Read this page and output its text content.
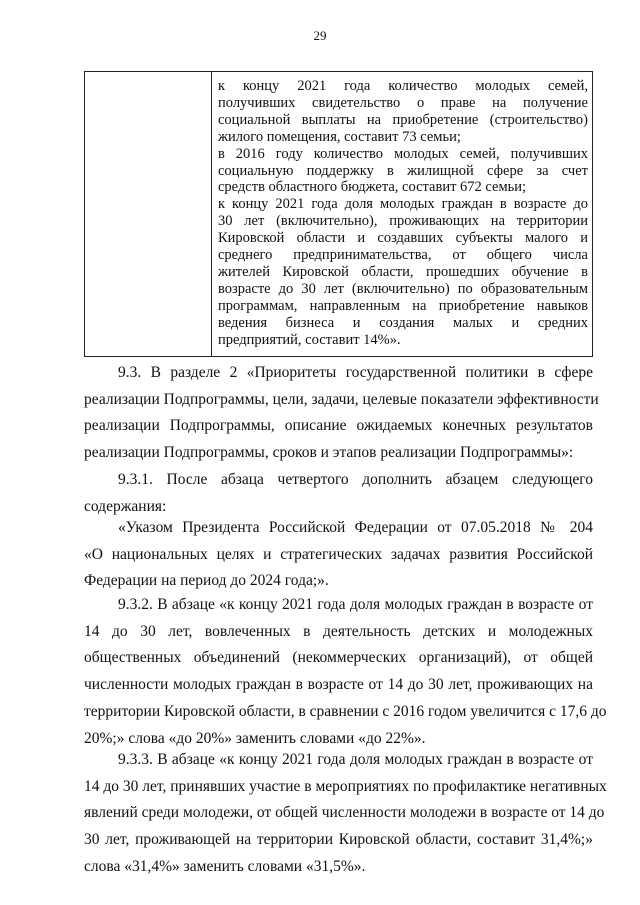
29
к концу 2021 года количество молодых семей,
получивших свидетельство о праве на получение
социальной выплаты на приобретение (строительство)
жилого помещения, составит 73 семьи;
в 2016 году количество молодых семей, получивших
социальную поддержку в жилищной сфере за счет
средств областного бюджета, составит 672 семьи;
к концу 2021 года доля молодых граждан в возрасте до
30 лет (включительно), проживающих на территории
Кировской области и создавших субъекты малого и
среднего предпринимательства, от общего числа
жителей Кировской области, прошедших обучение в
возрасте до 30 лет (включительно) по образовательным
программам, направленным на приобретение навыков
ведения бизнеса и создания малых и средних
предприятий, составит 14%».
9.3. В разделе 2 «Приоритеты государственной политики в сфере
реализации Подпрограммы, цели, задачи, целевые показатели эффективности
реализации Подпрограммы, описание ожидаемых конечных результатов
реализации Подпрограммы, сроков и этапов реализации Подпрограммы»:
9.3.1. После абзаца четвертого дополнить абзацем следующего
содержания:
«Указом Президента Российской Федерации от 07.05.2018 № 204
«О национальных целях и стратегических задачах развития Российской
Федерации на период до 2024 года;».
9.3.2. В абзаце «к концу 2021 года доля молодых граждан в возрасте от
14 до 30 лет, вовлеченных в деятельность детских и молодежных
общественных объединений (некоммерческих организаций), от общей
численности молодых граждан в возрасте от 14 до 30 лет, проживающих на
территории Кировской области, в сравнении с 2016 годом увеличится с 17,6 до
20%;» слова «до 20%» заменить словами «до 22%».
9.3.3. В абзаце «к концу 2021 года доля молодых граждан в возрасте от
14 до 30 лет, принявших участие в мероприятиях по профилактике негативных
явлений среди молодежи, от общей численности молодежи в возрасте от 14 до
30 лет, проживающей на территории Кировской области, составит 31,4%;»
слова «31,4%» заменить словами «31,5%».
